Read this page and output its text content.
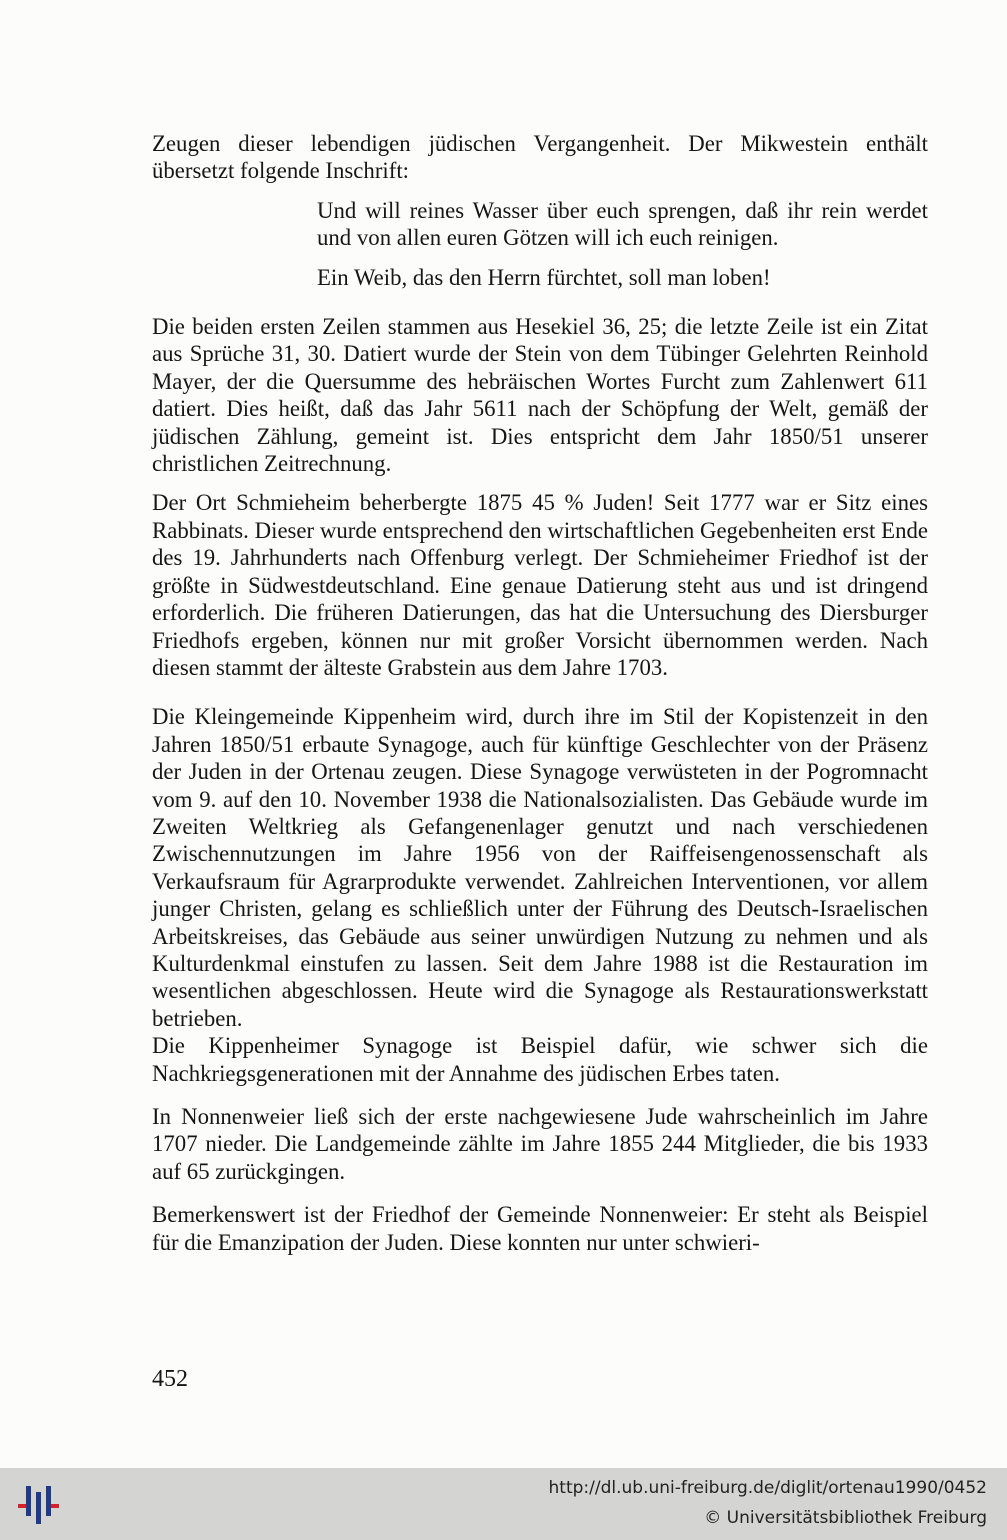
Zeugen dieser lebendigen jüdischen Vergangenheit. Der Mikwestein enthält übersetzt folgende Inschrift:

Und will reines Wasser über euch sprengen, daß ihr rein werdet und von allen euren Götzen will ich euch reinigen.

Ein Weib, das den Herrn fürchtet, soll man loben!

Die beiden ersten Zeilen stammen aus Hesekiel 36, 25; die letzte Zeile ist ein Zitat aus Sprüche 31, 30. Datiert wurde der Stein von dem Tübinger Gelehrten Reinhold Mayer, der die Quersumme des hebräischen Wortes Furcht zum Zahlenwert 611 datiert. Dies heißt, daß das Jahr 5611 nach der Schöpfung der Welt, gemäß der jüdischen Zählung, gemeint ist. Dies entspricht dem Jahr 1850/51 unserer christlichen Zeitrechnung.

Der Ort Schmieheim beherbergte 1875 45 % Juden! Seit 1777 war er Sitz eines Rabbinats. Dieser wurde entsprechend den wirtschaftlichen Gegebenheiten erst Ende des 19. Jahrhunderts nach Offenburg verlegt. Der Schmieheimer Friedhof ist der größte in Südwestdeutschland. Eine genaue Datierung steht aus und ist dringend erforderlich. Die früheren Datierungen, das hat die Untersuchung des Diersburger Friedhofs ergeben, können nur mit großer Vorsicht übernommen werden. Nach diesen stammt der älteste Grabstein aus dem Jahre 1703.

Die Kleingemeinde Kippenheim wird, durch ihre im Stil der Kopistenzeit in den Jahren 1850/51 erbaute Synagoge, auch für künftige Geschlechter von der Präsenz der Juden in der Ortenau zeugen. Diese Synagoge verwüsteten in der Pogromnacht vom 9. auf den 10. November 1938 die Nationalsozialisten. Das Gebäude wurde im Zweiten Weltkrieg als Gefangenenlager genutzt und nach verschiedenen Zwischennutzungen im Jahre 1956 von der Raiffeisengenossenschaft als Verkaufsraum für Agrarprodukte verwendet. Zahlreichen Interventionen, vor allem junger Christen, gelang es schließlich unter der Führung des Deutsch-Israelischen Arbeitskreises, das Gebäude aus seiner unwürdigen Nutzung zu nehmen und als Kulturdenkmal einstufen zu lassen. Seit dem Jahre 1988 ist die Restauration im wesentlichen abgeschlossen. Heute wird die Synagoge als Restaurationswerkstatt betrieben.

Die Kippenheimer Synagoge ist Beispiel dafür, wie schwer sich die Nachkriegsgenerationen mit der Annahme des jüdischen Erbes taten.

In Nonnenweier ließ sich der erste nachgewiesene Jude wahrscheinlich im Jahre 1707 nieder. Die Landgemeinde zählte im Jahre 1855 244 Mitglieder, die bis 1933 auf 65 zurückgingen.

Bemerkenswert ist der Friedhof der Gemeinde Nonnenweier: Er steht als Beispiel für die Emanzipation der Juden. Diese konnten nur unter schwieri-

452
http://dl.ub.uni-freiburg.de/diglit/ortenau1990/0452
© Universitätsbibliothek Freiburg
